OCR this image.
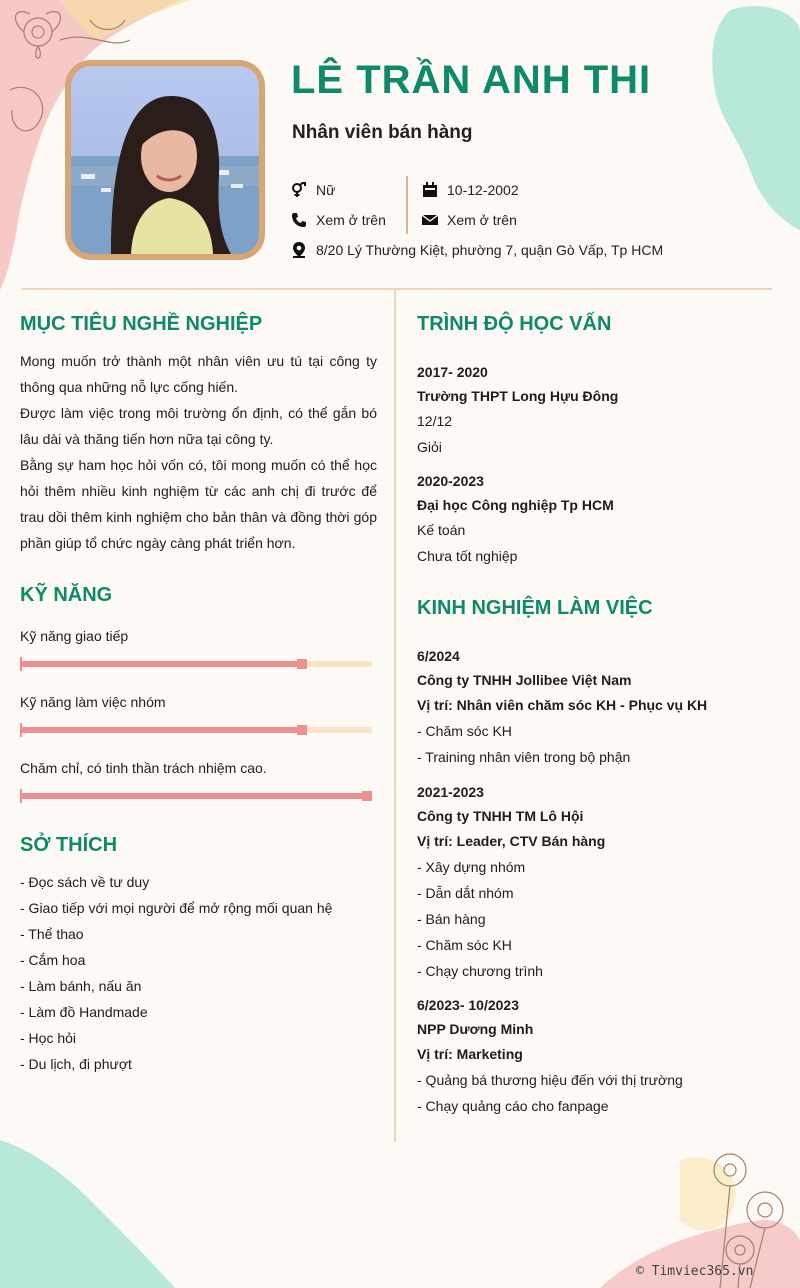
LÊ TRẦN ANH THI
Nhân viên bán hàng
Nữ
Xem ở trên
10-12-2002
Xem ở trên
8/20 Lý Thường Kiệt, phường 7, quận Gò Vấp, Tp HCM
MỤC TIÊU NGHỀ NGHIỆP
Mong muốn trở thành một nhân viên ưu tú tại công ty thông qua những nỗ lực cống hiến.
Được làm việc trong môi trường ổn định, có thể gắn bó lâu dài và thăng tiến hơn nữa tại công ty.
Bằng sự ham học hỏi vốn có, tôi mong muốn có thể học hỏi thêm nhiều kinh nghiệm từ các anh chị đi trước để trau dồi thêm kinh nghiệm cho bản thân và đồng thời góp phần giúp tổ chức ngày càng phát triển hơn.
KỸ NĂNG
Kỹ năng giao tiếp
Kỹ năng làm việc nhóm
Chăm chỉ, có tinh thần trách nhiệm cao.
SỞ THÍCH
- Đọc sách về tư duy
- Giao tiếp với mọi người để mở rộng mối quan hệ
- Thể thao
- Cắm hoa
- Làm bánh, nấu ăn
- Làm đồ Handmade
- Học hỏi
- Du lịch, đi phượt
TRÌNH ĐỘ HỌC VẤN
2017- 2020
Trường THPT Long Hựu Đông
12/12
Giỏi
2020-2023
Đại học Công nghiệp Tp HCM
Kế toán
Chưa tốt nghiệp
KINH NGHIỆM LÀM VIỆC
6/2024
Công ty TNHH Jollibee Việt Nam
Vị trí: Nhân viên chăm sóc KH - Phục vụ KH
- Chăm sóc KH
- Training nhân viên trong bộ phận
2021-2023
Công ty TNHH TM Lô Hội
Vị trí: Leader, CTV Bán hàng
- Xây dựng nhóm
- Dẫn dắt nhóm
- Bán hàng
- Chăm sóc KH
- Chạy chương trình
6/2023- 10/2023
NPP Dương Minh
Vị trí: Marketing
- Quảng bá thương hiệu đến với thị trường
- Chạy quảng cáo cho fanpage
© Timviec365.vn
